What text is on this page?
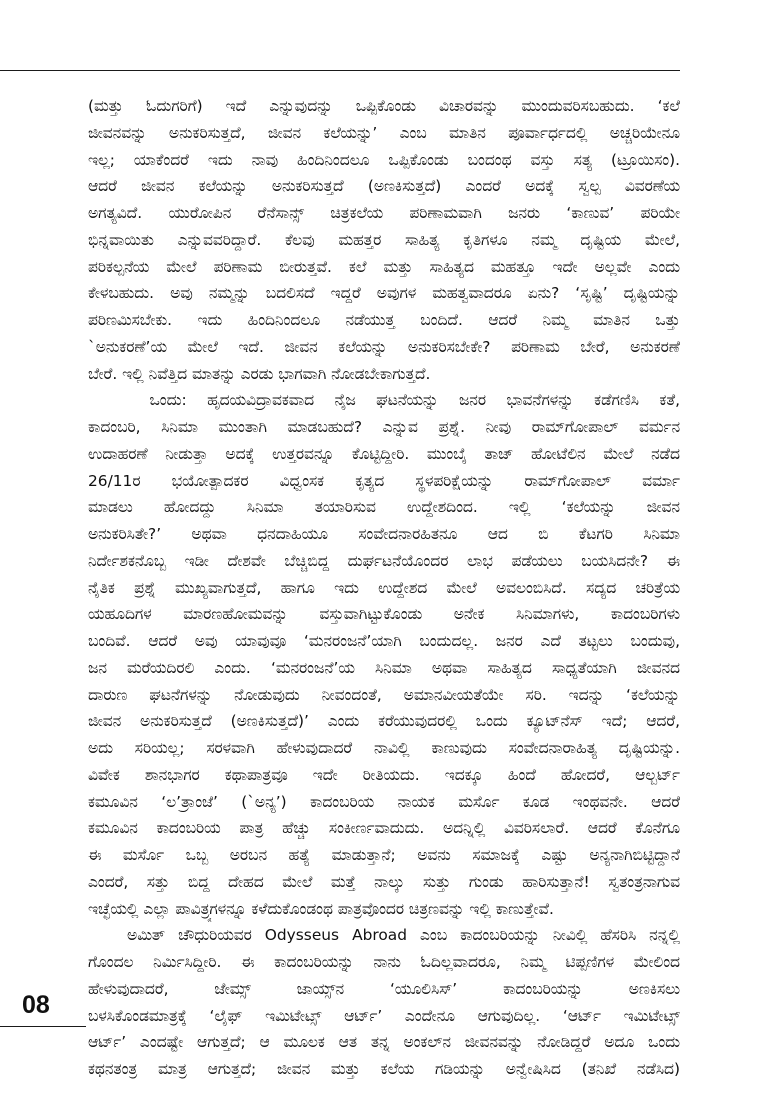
(ಮತ್ತು ಓದುಗರಿಗೆ) ಇದೆ ಎನ್ನುವುದನ್ನು ಒಪ್ಪಿಕೊಂಡು ವಿಚಾರವನ್ನು ಮುಂದುವರಿಸಬಹುದು. ‘ಕಲೆ
ಜೀವನವನ್ನು ಅನುಕರಿಸುತ್ತದೆ, ಜೀವನ ಕಲೆಯನ್ನು’ ಎಂಬ ಮಾತಿನ ಪೂರ್ವಾರ್ಧದಲ್ಲಿ ಅಚ್ಚರಿಯೇನೂ
ಇಲ್ಲ; ಯಾಕೆಂದರೆ ಇದು ನಾವು ಹಿಂದಿನಿಂದಲೂ ಒಪ್ಪಿಕೊಂಡು ಬಂದಂಥ ವಸ್ತು ಸತ್ಯ (ಟ್ರೂಯಿಸಂ).
ಆದರೆ ಜೀವನ ಕಲೆಯನ್ನು ಅನುಕರಿಸುತ್ತದೆ (ಅಣಕಿಸುತ್ತದೆ) ಎಂದರೆ ಅದಕ್ಕೆ ಸ್ವಲ್ಪ ವಿವರಣೆಯ
ಅಗತ್ಯವಿದೆ. ಯುರೋಪಿನ ರೆನೆಸಾನ್ಸ್ ಚಿತ್ರಕಲೆಯ ಪರಿಣಾಮವಾಗಿ ಜನರು ‘ಕಾಣುವ’ ಪರಿಯೇ
ಭಿನ್ನವಾಯಿತು ಎನ್ನುವವರಿದ್ದಾರೆ. ಕೆಲವು ಮಹತ್ತರ ಸಾಹಿತ್ಯ ಕೃತಿಗಳೂ ನಮ್ಮ ದೃಷ್ಟಿಯ ಮೇಲೆ,
ಪರಿಕಲ್ಪನೆಯ ಮೇಲೆ ಪರಿಣಾಮ ಬೀರುತ್ತವೆ. ಕಲೆ ಮತ್ತು ಸಾಹಿತ್ಯದ ಮಹತ್ತೂ ಇದೇ ಅಲ್ಲವೇ ಎಂದು
ಕೇಳಬಹುದು. ಅವು ನಮ್ಮನ್ನು ಬದಲಿಸದೆ ಇದ್ದರೆ ಅವುಗಳ ಮಹತ್ವವಾದರೂ ಏನು? ‘ಸೃಷ್ಟಿ’ ದೃಷ್ಟಿಯನ್ನು
ಪರಿಣಮಿಸಬೇಕು. ಇದು ಹಿಂದಿನಿಂದಲೂ ನಡೆಯುತ್ತ ಬಂದಿದೆ. ಆದರೆ ನಿಮ್ಮ ಮಾತಿನ ಒತ್ತು
`ಅನುಕರಣೆ’ಯ ಮೇಲೆ ಇದೆ. ಜೀವನ ಕಲೆಯನ್ನು ಅನುಕರಿಸಬೇಕೇ? ಪರಿಣಾಮ ಬೇರೆ, ಅನುಕರಣೆ
ಬೇರೆ. ಇಲ್ಲಿ ನಿವೆತ್ತಿದ ಮಾತನ್ನು ಎರಡು ಭಾಗವಾಗಿ ನೋಡಬೇಕಾಗುತ್ತದೆ.
ಒಂದು: ಹೃದಯವಿದ್ರಾವಕವಾದ ನೈಜ ಘಟನೆಯನ್ನು ಜನರ ಭಾವನೆಗಳನ್ನು ಕಡೆಗಣಿಸಿ ಕತೆ,
ಕಾದಂಬರಿ, ಸಿನಿಮಾ ಮುಂತಾಗಿ ಮಾಡಬಹುದೆ? ಎನ್ನುವ ಪ್ರಶ್ನೆ. ನೀವು ರಾಮ್‌ಗೋಪಾಲ್ ವರ್ಮನ
ಉದಾಹರಣೆ ನೀಡುತ್ತಾ ಅದಕ್ಕೆ ಉತ್ತರವನ್ನೂ ಕೊಟ್ಟಿದ್ದೀರಿ. ಮುಂಬೈ ತಾಜ್ ಹೋಟೆಲಿನ ಮೇಲೆ ನಡೆದ
26/11ರ ಭಯೋತ್ಪಾದಕರ ವಿಧ್ವಂಸಕ ಕೃತ್ಯದ ಸ್ಥಳಪರಿಕ್ಷೆಯನ್ನು ರಾಮ್‌ಗೋಪಾಲ್ ವರ್ಮಾ
ಮಾಡಲು ಹೋದದ್ದು ಸಿನಿಮಾ ತಯಾರಿಸುವ ಉದ್ದೇಶದಿಂದ. ಇಲ್ಲಿ ‘ಕಲೆಯನ್ನು ಜೀವನ
ಅನುಕರಿಸಿತೇ?’ ಅಥವಾ ಧನದಾಹಿಯೂ ಸಂವೇದನಾರಹಿತನೂ ಆದ ಬಿ ಕೆಟಗರಿ ಸಿನಿಮಾ
ನಿರ್ದೇಶಕನೊಬ್ಬ ಇಡೀ ದೇಶವೇ ಬೆಚ್ಚಿಬಿದ್ದ ದುರ್ಘಟನೆಯೊಂದರ ಲಾಭ ಪಡೆಯಲು ಬಯಸಿದನೇ? ಈ
ನೈತಿಕ ಪ್ರಶ್ನೆ ಮುಖ್ಯವಾಗುತ್ತದೆ, ಹಾಗೂ ಇದು ಉದ್ದೇಶದ ಮೇಲೆ ಅವಲಂಬಿಸಿದೆ. ಸದ್ಯದ ಚರಿತ್ರೆಯ
ಯಹೂದಿಗಳ ಮಾರಣಹೋಮವನ್ನು ವಸ್ತುವಾಗಿಟ್ಟುಕೊಂಡು ಅನೇಕ ಸಿನಿಮಾಗಳು, ಕಾದಂಬರಿಗಳು
ಬಂದಿವೆ. ಆದರೆ ಅವು ಯಾವುವೂ ‘ಮನರಂಜನೆ’ಯಾಗಿ ಬಂದುದಲ್ಲ. ಜನರ ಎದೆ ತಟ್ಟಲು ಬಂದುವು,
ಜನ ಮರೆಯದಿರಲಿ ಎಂದು. ‘ಮನರಂಜನೆ’ಯ ಸಿನಿಮಾ ಅಥವಾ ಸಾಹಿತ್ಯದ ಸಾಧ್ಯತೆಯಾಗಿ ಜೀವನದ
ದಾರುಣ ಘಟನೆಗಳನ್ನು ನೋಡುವುದು ನೀವಂದಂತೆ, ಅಮಾನವೀಯತೆಯೇ ಸರಿ. ಇದನ್ನು ‘ಕಲೆಯನ್ನು
ಜೀವನ ಅನುಕರಿಸುತ್ತದೆ (ಅಣಕಿಸುತ್ತದೆ)’ ಎಂದು ಕರೆಯುವುದರಲ್ಲಿ ಒಂದು ಕ್ಯೂಟ್‌ನೆಸ್ ಇದೆ; ಆದರೆ,
ಅದು ಸರಿಯಲ್ಲ; ಸರಳವಾಗಿ ಹೇಳುವುದಾದರೆ ನಾವಿಲ್ಲಿ ಕಾಣುವುದು ಸಂವೇದನಾರಾಹಿತ್ಯ ದೃಷ್ಟಿಯನ್ನು.
ವಿವೇಕ ಶಾನಭಾಗರ ಕಥಾಪಾತ್ರವೂ ಇದೇ ರೀತಿಯದು. ಇದಕ್ಕೂ ಹಿಂದೆ ಹೋದರೆ, ಆಲ್ಬರ್ಟ್
ಕಮೂವಿನ ‘ಲ’ತ್ರಾಂಜೆ’ (`ಅನ್ಯ’) ಕಾದಂಬರಿಯ ನಾಯಕ ಮರ್ಸೊ ಕೂಡ ಇಂಥವನೇ. ಆದರೆ
ಕಮೂವಿನ ಕಾದಂಬರಿಯ ಪಾತ್ರ ಹೆಚ್ಚು ಸಂಕೀರ್ಣವಾದುದು. ಅದನ್ನಿಲ್ಲಿ ವಿವರಿಸಲಾರೆ. ಆದರೆ ಕೊನೆಗೂ
ಈ ಮರ್ಸೊ ಒಬ್ಬ ಅರಬನ ಹತ್ಯೆ ಮಾಡುತ್ತಾನೆ; ಅವನು ಸಮಾಜಕ್ಕೆ ಎಷ್ಟು ಅನ್ಯನಾಗಿಬಿಟ್ಟಿದ್ದಾನೆ
ಎಂದರೆ, ಸತ್ತು ಬಿದ್ದ ದೇಹದ ಮೇಲೆ ಮತ್ತೆ ನಾಲ್ಕು ಸುತ್ತು ಗುಂಡು ಹಾರಿಸುತ್ತಾನೆ! ಸ್ವತಂತ್ರನಾಗುವ
ಇಚ್ಛೆಯಲ್ಲಿ ಎಲ್ಲಾ ಪಾವಿತ್ರ್ಯಗಳನ್ನೂ ಕಳೆದುಕೊಂಡಂಥ ಪಾತ್ರವೊಂದರ ಚಿತ್ರಣವನ್ನು ಇಲ್ಲಿ ಕಾಣುತ್ತೇವೆ.
ಅಮಿತ್ ಚೌಧುರಿಯವರ Odysseus Abroad ಎಂಬ ಕಾದಂಬರಿಯನ್ನು ನೀವಿಲ್ಲಿ ಹೆಸರಿಸಿ ನನ್ನಲ್ಲಿ
ಗೊಂದಲ ನಿರ್ಮಿಸಿದ್ದೀರಿ. ಈ ಕಾದಂಬರಿಯನ್ನು ನಾನು ಓದಿಲ್ಲವಾದರೂ, ನಿಮ್ಮ ಟಿಪ್ಪಣಿಗಳ ಮೇಲಿಂದ
ಹೇಳುವುದಾದರೆ, ಜೇಮ್ಸ್ ಜಾಯ್ಸ್‌ನ ‘ಯೂಲಿಸಿಸ್’ ಕಾದಂಬರಿಯನ್ನು ಅಣಕಿಸಲು
ಬಳಸಿಕೊಂಡಮಾತ್ರಕ್ಕೆ ‘ಲೈಫ್ ಇಮಿಟೇಟ್ಸ್ ಆರ್ಟ್’ ಎಂದೇನೂ ಆಗುವುದಿಲ್ಲ. ‘ಆರ್ಟ್ ಇಮಿಟೇಟ್ಸ್
ಆರ್ಟ್’ ಎಂದಷ್ಟೇ ಆಗುತ್ತದೆ; ಆ ಮೂಲಕ ಆತ ತನ್ನ ಅಂಕಲ್‌ನ ಜೀವನವನ್ನು ನೋಡಿದ್ದರೆ ಅದೂ ಒಂದು
ಕಥನತಂತ್ರ ಮಾತ್ರ ಆಗುತ್ತದೆ; ಜೀವನ ಮತ್ತು ಕಲೆಯ ಗಡಿಯನ್ನು ಅನ್ವೇಷಿಸಿದ (ತನಿಖೆ ನಡೆಸಿದ)
08
